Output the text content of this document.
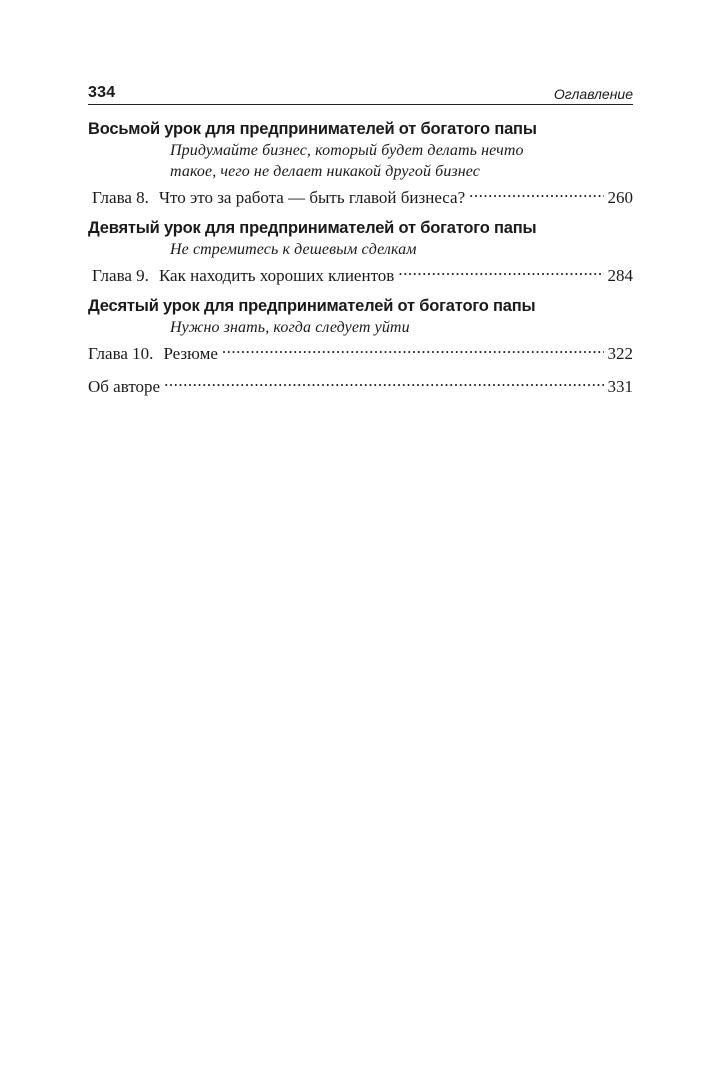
334	Оглавление
Восьмой урок для предпринимателей от богатого папы
Придумайте бизнес, который будет делать нечто
такое, чего не делает никакой другой бизнес
Глава 8. Что это за работа — быть главой бизнеса? .....	260
Девятый урок для предпринимателей от богатого папы
Не стремитесь к дешевым сделкам
Глава 9. Как находить хороших клиентов .....	284
Десятый урок для предпринимателей от богатого папы
Нужно знать, когда следует уйти
Глава 10. Резюме .....	322
Об авторе .....	331
